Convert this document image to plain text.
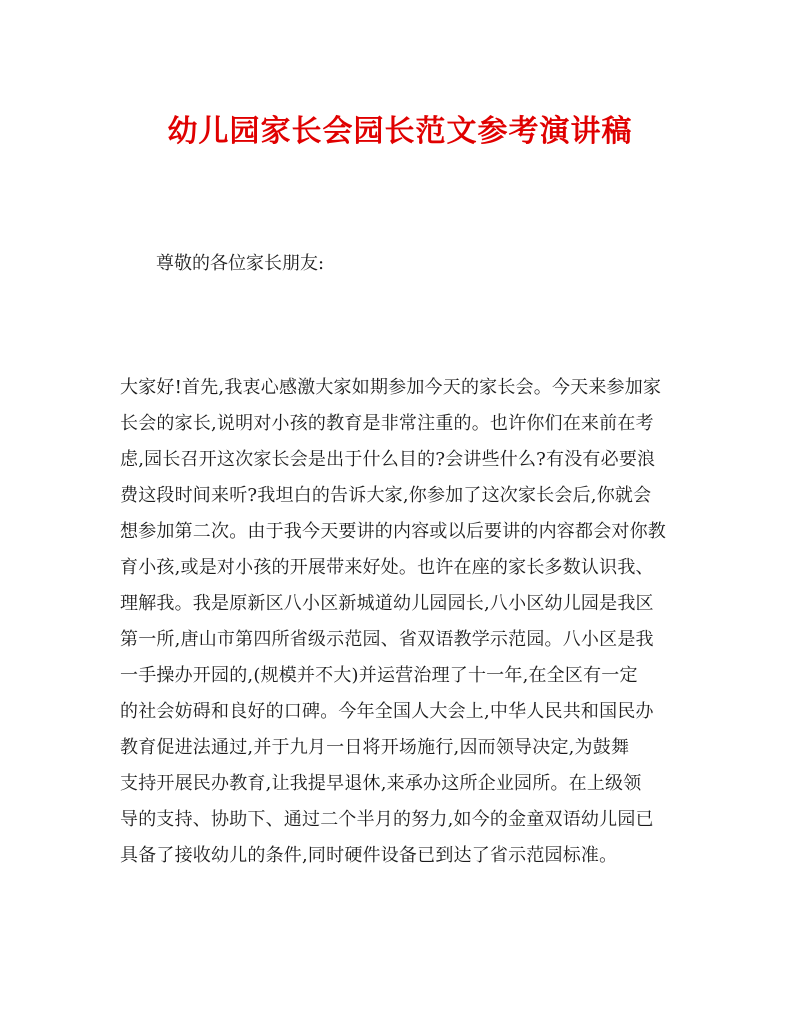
幼儿园家长会园长范文参考演讲稿

尊敬的各位家长朋友:

大家好!首先,我衷心感激大家如期参加今天的家长会。今天来参加家
长会的家长,说明对小孩的教育是非常注重的。也许你们在来前在考
虑,园长召开这次家长会是出于什么目的?会讲些什么?有没有必要浪
费这段时间来听?我坦白的告诉大家,你参加了这次家长会后,你就会
想参加第二次。由于我今天要讲的内容或以后要讲的内容都会对你教
育小孩,或是对小孩的开展带来好处。也许在座的家长多数认识我、
理解我。我是原新区八小区新城道幼儿园园长,八小区幼儿园是我区
第一所,唐山市第四所省级示范园、省双语教学示范园。八小区是我
一手操办开园的,(规模并不大)并运营治理了十一年,在全区有一定
的社会妨碍和良好的口碑。今年全国人大会上,中华人民共和国民办
教育促进法通过,并于九月一日将开场施行,因而领导决定,为鼓舞
支持开展民办教育,让我提早退休,来承办这所企业园所。在上级领
导的支持、协助下、通过二个半月的努力,如今的金童双语幼儿园已
具备了接收幼儿的条件,同时硬件设备已到达了省示范园标准。
